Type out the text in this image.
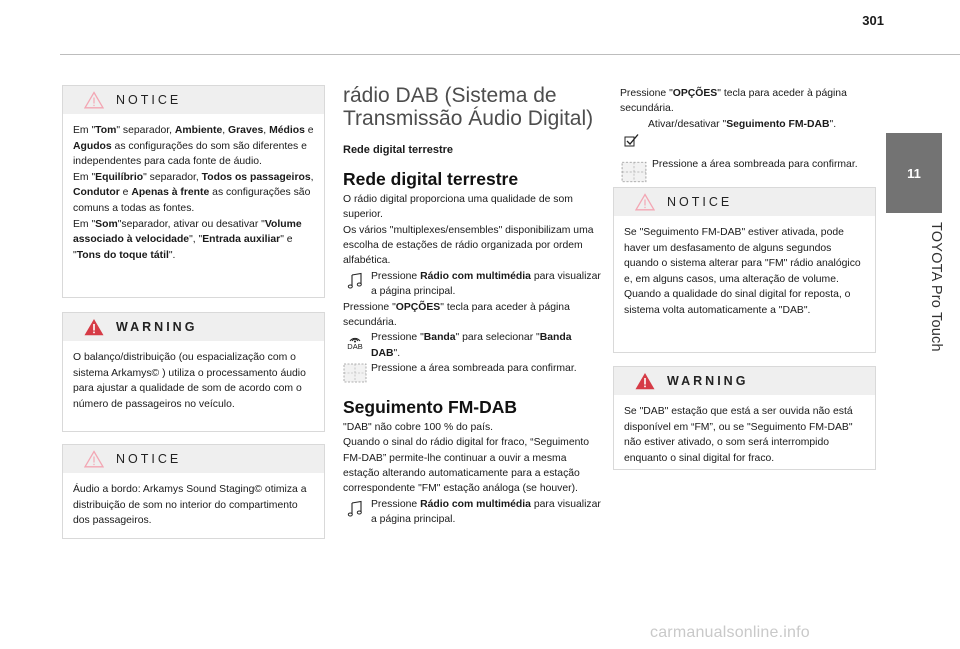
301
11
TOYOTA Pro Touch
NOTICE
Em "Tom" separador, Ambiente, Graves, Médios e Agudos as configurações do som são diferentes e independentes para cada fonte de áudio.
Em "Equilíbrio" separador, Todos os passageiros, Condutor e Apenas à frente as configurações são comuns a todas as fontes.
Em "Som"separador, ativar ou desativar "Volume associado à velocidade", "Entrada auxiliar" e "Tons do toque tátil".
WARNING
O balanço/distribuição (ou espacialização com o sistema Arkamys© ) utiliza o processamento áudio para ajustar a qualidade de som de acordo com o número de passageiros no veículo.
NOTICE
Áudio a bordo: Arkamys Sound Staging© otimiza a distribuição de som no interior do compartimento dos passageiros.
rádio DAB (Sistema de Transmissão Áudio Digital)
Rede digital terrestre
Rede digital terrestre
O rádio digital proporciona uma qualidade de som superior.
Os vários "multiplexes/ensembles" disponibilizam uma escolha de estações de rádio organizada por ordem alfabética.
Pressione Rádio com multimédia para visualizar a página principal.
Pressione "OPÇÕES" tecla para aceder à página secundária.
DAB
Pressione "Banda" para selecionar "Banda DAB".
Pressione a área sombreada para confirmar.
Seguimento FM-DAB
"DAB" não cobre 100 % do país.
Quando o sinal do rádio digital for fraco, “Seguimento FM-DAB” permite-lhe continuar a ouvir a mesma estação alterando automaticamente para a estação correspondente "FM" estação análoga (se houver).
Pressione Rádio com multimédia para visualizar a página principal.
Pressione "OPÇÕES" tecla para aceder à página secundária.
Ativar/desativar "Seguimento FM-DAB".
Pressione a área sombreada para confirmar.
NOTICE
Se "Seguimento FM-DAB" estiver ativada, pode haver um desfasamento de alguns segundos quando o sistema alterar para "FM" rádio analógico e, em alguns casos, uma alteração de volume.
Quando a qualidade do sinal digital for reposta, o sistema volta automaticamente a "DAB".
WARNING
Se "DAB" estação que está a ser ouvida não está disponível em “FM”, ou se "Seguimento FM-DAB" não estiver ativado, o som será interrompido enquanto o sinal digital for fraco.
carmanualsonline.info
